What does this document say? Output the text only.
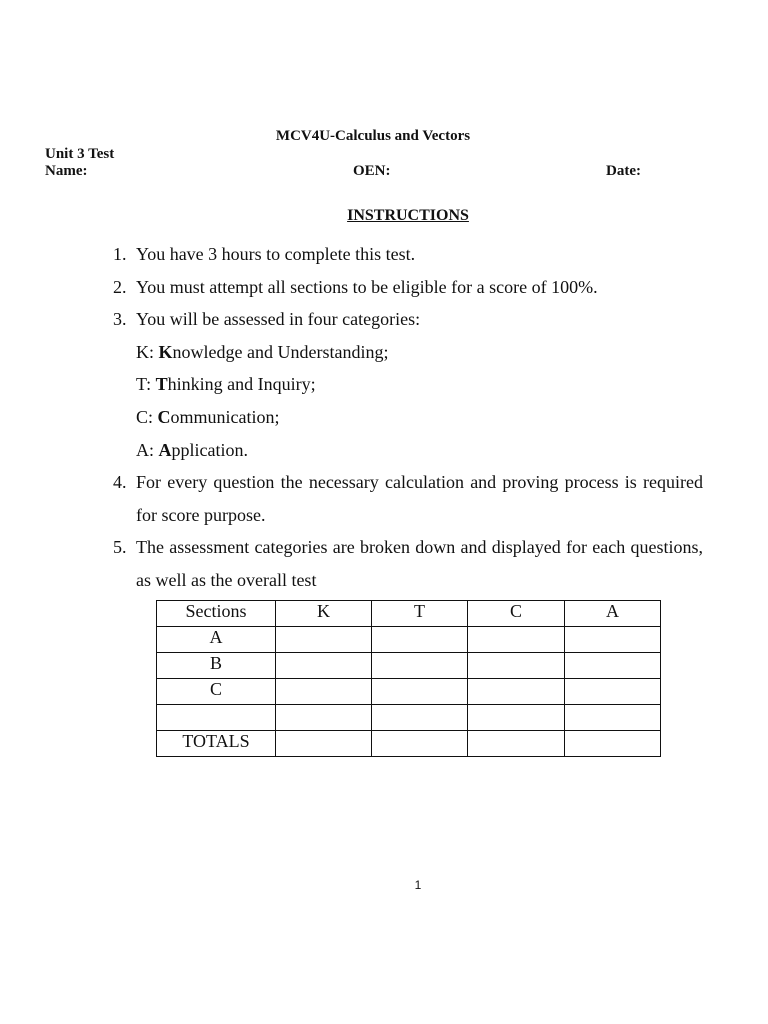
MCV4U-Calculus and Vectors
Unit 3 Test
Name:	OEN:	Date:
INSTRUCTIONS
1. You have 3 hours to complete this test.
2. You must attempt all sections to be eligible for a score of 100%.
3. You will be assessed in four categories:
K: Knowledge and Understanding;
T: Thinking and Inquiry;
C: Communication;
A: Application.
4. For every question the necessary calculation and proving process is required for score purpose.
5. The assessment categories are broken down and displayed for each questions, as well as the overall test
Sections	K	T	C	A
A				
B				
C				

TOTALS				
1
